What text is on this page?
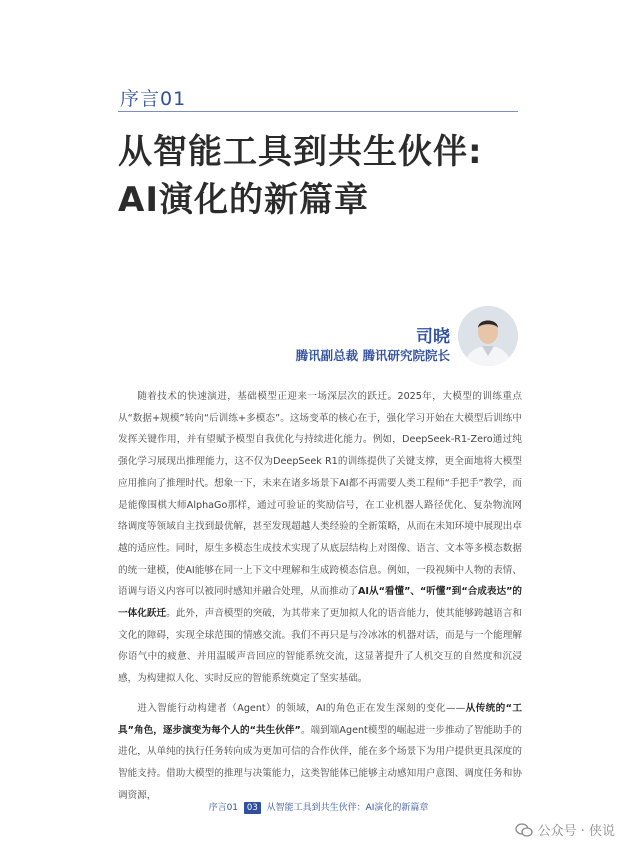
序言01
从智能工具到共生伙伴:
AI演化的新篇章
司晓
腾讯副总裁 腾讯研究院院长

随着技术的快速演进，基础模型正迎来一场深层次的跃迁。2025年，大模型的训练重点从“数据+规模”转向“后训练+多模态”。这场变革的核心在于，强化学习开始在大模型后训练中发挥关键作用，并有望赋予模型自我优化与持续进化能力。例如，DeepSeek-R1-Zero通过纯强化学习展现出推理能力，这不仅为DeepSeek R1的训练提供了关键支撑，更全面地将大模型应用推向了推理时代。想象一下，未来在诸多场景下AI都不再需要人类工程师“手把手”教学，而是能像围棋大师AlphaGo那样，通过可验证的奖励信号，在工业机器人路径优化、复杂物流网络调度等领域自主找到最优解，甚至发现超越人类经验的全新策略，从而在未知环境中展现出卓越的适应性。同时，原生多模态生成技术实现了从底层结构上对图像、语言、文本等多模态数据的统一建模，使AI能够在同一上下文中理解和生成跨模态信息。例如，一段视频中人物的表情、语调与语义内容可以被同时感知并融合处理，从而推动了AI从“看懂”、“听懂”到“合成表达”的一体化跃迁。此外，声音模型的突破，为其带来了更加拟人化的语音能力，使其能够跨越语言和文化的障碍，实现全球范围的情感交流。我们不再只是与冷冰冰的机器对话，而是与一个能理解你语气中的疲惫、并用温暖声音回应的智能系统交流，这显著提升了人机交互的自然度和沉浸感，为构建拟人化、实时反应的智能系统奠定了坚实基础。

进入智能行动构建者（Agent）的领域，AI的角色正在发生深刻的变化——从传统的“工具”角色，逐步演变为每个人的“共生伙伴”。端到端Agent模型的崛起进一步推动了智能助手的进化，从单纯的执行任务转向成为更加可信的合作伙伴，能在多个场景下为用户提供更具深度的智能支持。借助大模型的推理与决策能力，这类智能体已能够主动感知用户意图、调度任务和协调资源，

序言01 03 从智能工具到共生伙伴：AI演化的新篇章
公众号 · 侠说
